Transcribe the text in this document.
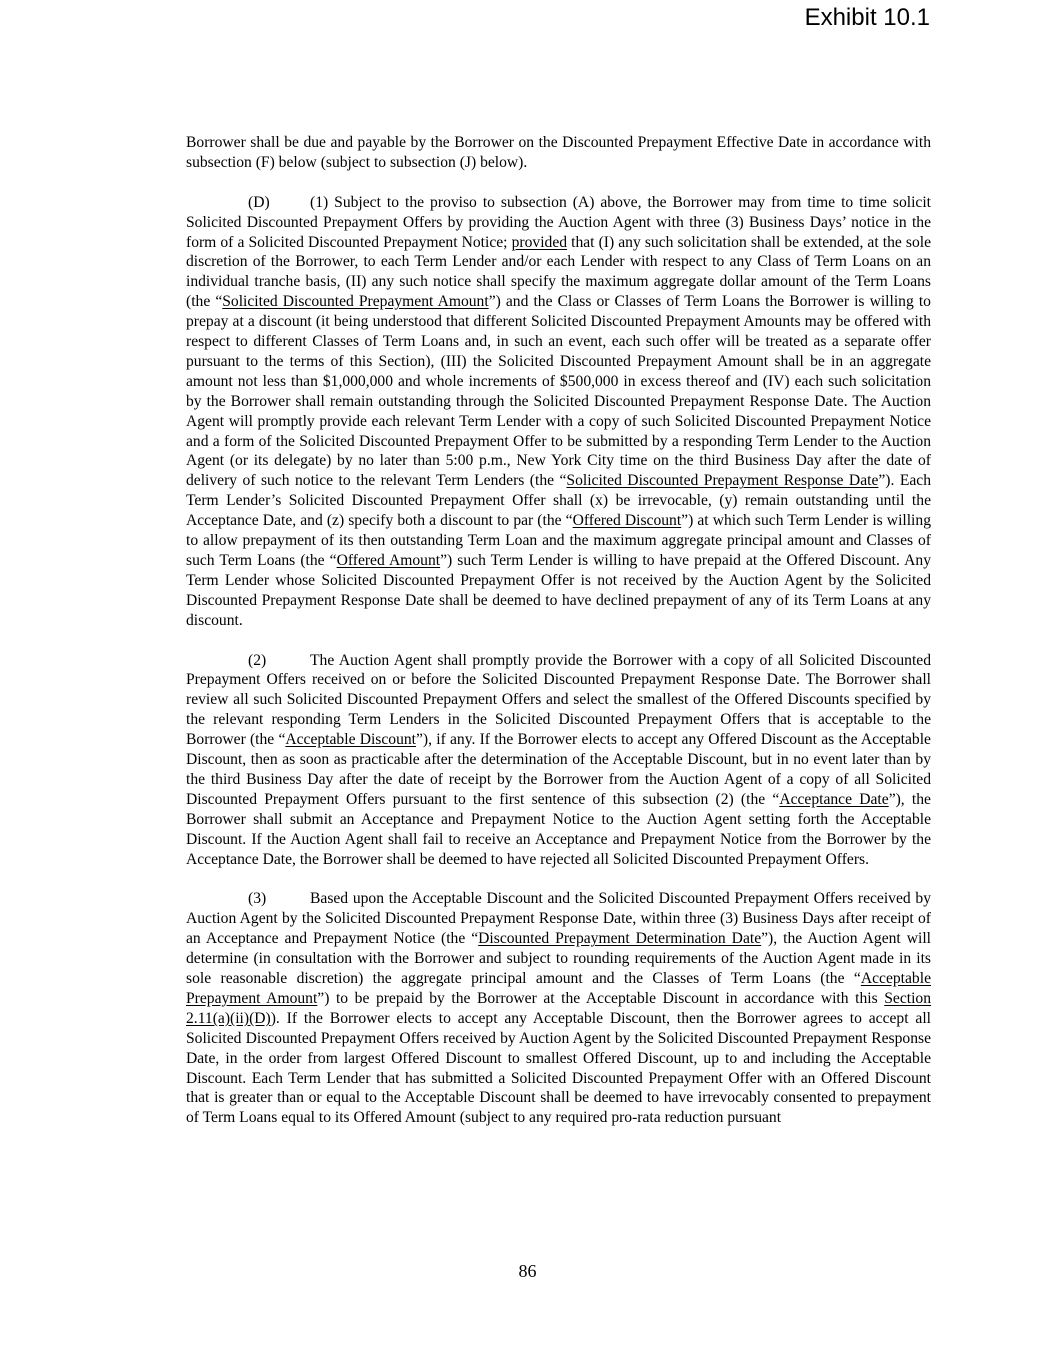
Exhibit 10.1

Borrower shall be due and payable by the Borrower on the Discounted Prepayment Effective Date in accordance with subsection (F) below (subject to subsection (J) below).

(D)	(1) Subject to the proviso to subsection (A) above, the Borrower may from time to time solicit Solicited Discounted Prepayment Offers by providing the Auction Agent with three (3) Business Days’ notice in the form of a Solicited Discounted Prepayment Notice; provided that (I) any such solicitation shall be extended, at the sole discretion of the Borrower, to each Term Lender and/or each Lender with respect to any Class of Term Loans on an individual tranche basis, (II) any such notice shall specify the maximum aggregate dollar amount of the Term Loans (the “Solicited Discounted Prepayment Amount”) and the Class or Classes of Term Loans the Borrower is willing to prepay at a discount (it being understood that different Solicited Discounted Prepayment Amounts may be offered with respect to different Classes of Term Loans and, in such an event, each such offer will be treated as a separate offer pursuant to the terms of this Section), (III) the Solicited Discounted Prepayment Amount shall be in an aggregate amount not less than $1,000,000 and whole increments of $500,000 in excess thereof and (IV) each such solicitation by the Borrower shall remain outstanding through the Solicited Discounted Prepayment Response Date. The Auction Agent will promptly provide each relevant Term Lender with a copy of such Solicited Discounted Prepayment Notice and a form of the Solicited Discounted Prepayment Offer to be submitted by a responding Term Lender to the Auction Agent (or its delegate) by no later than 5:00 p.m., New York City time on the third Business Day after the date of delivery of such notice to the relevant Term Lenders (the “Solicited Discounted Prepayment Response Date”). Each Term Lender’s Solicited Discounted Prepayment Offer shall (x) be irrevocable, (y) remain outstanding until the Acceptance Date, and (z) specify both a discount to par (the “Offered Discount”) at which such Term Lender is willing to allow prepayment of its then outstanding Term Loan and the maximum aggregate principal amount and Classes of such Term Loans (the “Offered Amount”) such Term Lender is willing to have prepaid at the Offered Discount. Any Term Lender whose Solicited Discounted Prepayment Offer is not received by the Auction Agent by the Solicited Discounted Prepayment Response Date shall be deemed to have declined prepayment of any of its Term Loans at any discount.

(2)	The Auction Agent shall promptly provide the Borrower with a copy of all Solicited Discounted Prepayment Offers received on or before the Solicited Discounted Prepayment Response Date. The Borrower shall review all such Solicited Discounted Prepayment Offers and select the smallest of the Offered Discounts specified by the relevant responding Term Lenders in the Solicited Discounted Prepayment Offers that is acceptable to the Borrower (the “Acceptable Discount”), if any. If the Borrower elects to accept any Offered Discount as the Acceptable Discount, then as soon as practicable after the determination of the Acceptable Discount, but in no event later than by the third Business Day after the date of receipt by the Borrower from the Auction Agent of a copy of all Solicited Discounted Prepayment Offers pursuant to the first sentence of this subsection (2) (the “Acceptance Date”), the Borrower shall submit an Acceptance and Prepayment Notice to the Auction Agent setting forth the Acceptable Discount. If the Auction Agent shall fail to receive an Acceptance and Prepayment Notice from the Borrower by the Acceptance Date, the Borrower shall be deemed to have rejected all Solicited Discounted Prepayment Offers.

(3)	Based upon the Acceptable Discount and the Solicited Discounted Prepayment Offers received by Auction Agent by the Solicited Discounted Prepayment Response Date, within three (3) Business Days after receipt of an Acceptance and Prepayment Notice (the “Discounted Prepayment Determination Date”), the Auction Agent will determine (in consultation with the Borrower and subject to rounding requirements of the Auction Agent made in its sole reasonable discretion) the aggregate principal amount and the Classes of Term Loans (the “Acceptable Prepayment Amount”) to be prepaid by the Borrower at the Acceptable Discount in accordance with this Section 2.11(a)(ii)(D)). If the Borrower elects to accept any Acceptable Discount, then the Borrower agrees to accept all Solicited Discounted Prepayment Offers received by Auction Agent by the Solicited Discounted Prepayment Response Date, in the order from largest Offered Discount to smallest Offered Discount, up to and including the Acceptable Discount. Each Term Lender that has submitted a Solicited Discounted Prepayment Offer with an Offered Discount that is greater than or equal to the Acceptable Discount shall be deemed to have irrevocably consented to prepayment of Term Loans equal to its Offered Amount (subject to any required pro-rata reduction pursuant

86
